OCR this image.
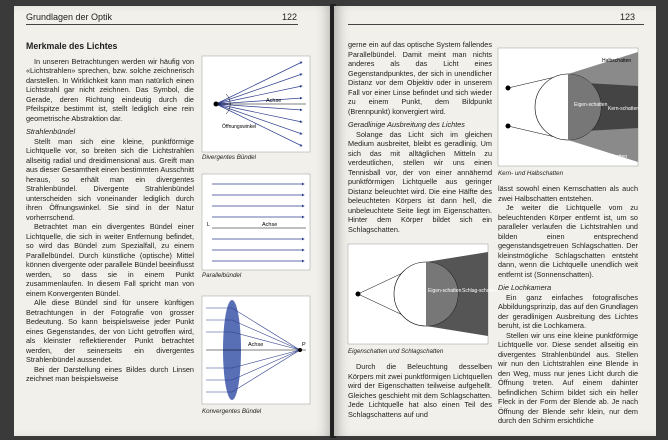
Grundlagen der Optik	122
Merkmale des Lichtes

In unseren Betrachtungen werden wir häufig von «Lichtstrahlen» sprechen, bzw. solche zeichnerisch darstellen. In Wirklichkeit kann man natürlich einen Lichtstrahl gar nicht zeichnen. Das Symbol, die Gerade, deren Richtung eindeutig durch die Pfeilspitze bestimmt ist, stellt lediglich eine rein geometrische Abstraktion dar.

Strahlenbündel

Stellt man sich eine kleine, punktförmige Lichtquelle vor, so breiten sich die Lichtstrahlen allseitig radial und dreidimensional aus. Greift man aus dieser Gesamtheit einen bestimmten Ausschnitt heraus, so erhält man ein divergentes Strahlenbündel. Divergente Strahlenbündel unterscheiden sich voneinander lediglich durch ihren Öffnungswinkel. Sie sind in der Natur vorherrschend.

Betrachtet man ein divergentes Bündel einer Lichtquelle, die sich in weiter Entfernung befindet, so wird das Bündel zum Spezialfall, zu einem Parallelbündel. Durch künstliche (optische) Mittel können divergente oder parallele Bündel beeinflusst werden, so dass sie in einem Punkt zusammenlaufen. In diesem Fall spricht man von einem Konvergenten Bündel.

Alle diese Bündel sind für unsere künftigen Betrachtungen in der Fotografie von grosser Bedeutung. So kann beispielsweise jeder Punkt eines Gegenstandes, der von Licht getroffen wird, als kleinster reflektierender Punkt betrachtet werden, der seinerseits ein divergentes Strahlenbündel aussendet.

Bei der Darstellung eines Bildes durch Linsen zeichnet man beispielsweise

Achse
Öffnungswinkel
Divergentes Bündel
L	Achse
Parallelbündel
Achse	P
Konvergentes Bündel
123

gerne ein auf das optische System fallendes Parallelbündel. Damit meint man nichts anderes als das Licht eines Gegenstandpunktes, der sich in unendlicher Distanz vor dem Objektiv oder in unserem Fall vor einer Linse befindet und sich wieder zu einem Punkt, dem Bildpunkt (Brennpunkt) konvergiert wird.

Geradlinige Ausbreitung des Lichtes

Solange das Licht sich im gleichen Medium ausbreitet, bleibt es geradlinig. Um sich das mit alltäglichen Mitteln zu verdeutlichen, stellen wir uns einen Tennisball vor, der von einer annähernd punktförmigen Lichtquelle aus geringer Distanz beleuchtet wird. Die eine Hälfte des beleuchteten Körpers ist dann hell, die unbeleuchtete Seite liegt im Eigenschatten. Hinter dem Körper bildet sich ein Schlagschatten.

Eigen-schatten Schlag-schatten
Eigenschatten und Schlagschatten

Durch die Beleuchtung desselben Körpers mit zwei punktförmigen Lichtquellen wird der Eigenschatten teilweise aufgehellt. Gleiches geschieht mit dem Schlagschatten. Jede Lichtquelle hat also einen Teil des Schlagschattens auf und

Halbschatten
Eigen-schatten
Kern-schatten
Halbschatten
Kern- und Halbschatten

lässt sowohl einen Kernschatten als auch zwei Halbschatten entstehen.

Je weiter die Lichtquelle vom zu beleuchtenden Körper entfernt ist, um so paralleler verlaufen die Lichtstrahlen und bilden einen entsprechend gegenstandsgetreuen Schlagschatten. Der kleinstmögliche Schlagschatten entsteht dann, wenn die Lichtquelle unendlich weit entfernt ist (Sonnenschatten).

Die Lochkamera

Ein ganz einfaches fotografisches Abbildungsprinzip, das auf den Grundlagen der geradlinigen Ausbreitung des Lichtes beruht, ist die Lochkamera.

Stellen wir uns eine kleine punktförmige Lichtquelle vor. Diese sendet allseitig ein divergentes Strahlenbündel aus. Stellen wir nun den Lichtstrahlen eine Blende in den Weg, muss nur jenes Licht durch die Öffnung treten. Auf einem dahinter befindlichen Schirm bildet sich ein heller Fleck in der Form der Blende ab. Je nach Öffnung der Blende sehr klein, nur dem durch den Schirm ersichtliche
